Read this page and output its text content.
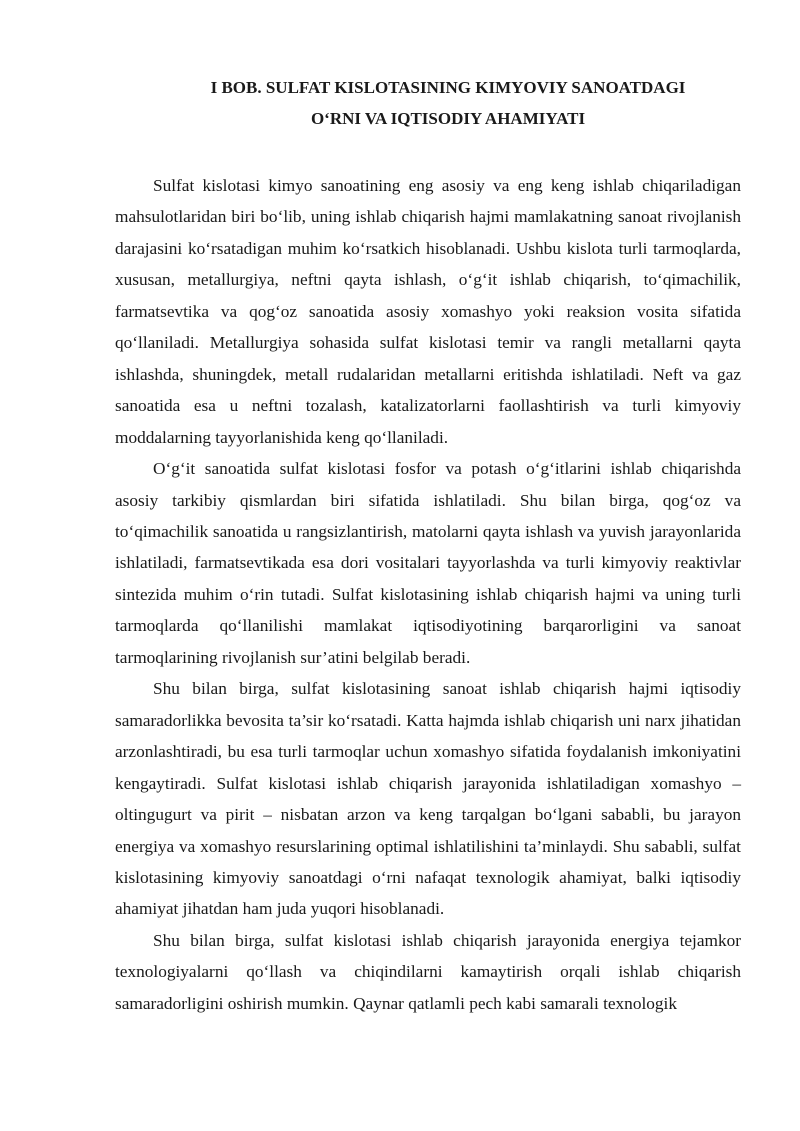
I BOB. SULFAT KISLOTASINING KIMYOVIY SANOATDAGI
O‘RNI VA IQTISODIY AHAMIYATI

Sulfat kislotasi kimyo sanoatining eng asosiy va eng keng ishlab chiqariladigan mahsulotlaridan biri bo‘lib, uning ishlab chiqarish hajmi mamlakatning sanoat rivojlanish darajasini ko‘rsatadigan muhim ko‘rsatkich hisoblanadi. Ushbu kislota turli tarmoqlarda, xususan, metallurgiya, neftni qayta ishlash, o‘g‘it ishlab chiqarish, to‘qimachilik, farmatsevtika va qog‘oz sanoatida asosiy xomashyo yoki reaksion vosita sifatida qo‘llaniladi. Metallurgiya sohasida sulfat kislotasi temir va rangli metallarni qayta ishlashda, shuningdek, metall rudalaridan metallarni eritishda ishlatiladi. Neft va gaz sanoatida esa u neftni tozalash, katalizatorlarni faollashtirish va turli kimyoviy moddalarning tayyorlanishida keng qo‘llaniladi.

O‘g‘it sanoatida sulfat kislotasi fosfor va potash o‘g‘itlarini ishlab chiqarishda asosiy tarkibiy qismlardan biri sifatida ishlatiladi. Shu bilan birga, qog‘oz va to‘qimachilik sanoatida u rangsizlantirish, matolarni qayta ishlash va yuvish jarayonlarida ishlatiladi, farmatsevtikada esa dori vositalari tayyorlashda va turli kimyoviy reaktivlar sintezida muhim o‘rin tutadi. Sulfat kislotasining ishlab chiqarish hajmi va uning turli tarmoqlarda qo‘llanilishi mamlakat iqtisodiyotining barqarorligini va sanoat tarmoqlarining rivojlanish sur’atini belgilab beradi.

Shu bilan birga, sulfat kislotasining sanoat ishlab chiqarish hajmi iqtisodiy samaradorlikka bevosita ta’sir ko‘rsatadi. Katta hajmda ishlab chiqarish uni narx jihatidan arzonlashtiradi, bu esa turli tarmoqlar uchun xomashyo sifatida foydalanish imkoniyatini kengaytiradi. Sulfat kislotasi ishlab chiqarish jarayonida ishlatiladigan xomashyo – oltingugurt va pirit – nisbatan arzon va keng tarqalgan bo‘lgani sababli, bu jarayon energiya va xomashyo resurslarining optimal ishlatilishini ta’minlaydi. Shu sababli, sulfat kislotasining kimyoviy sanoatdagi o‘rni nafaqat texnologik ahamiyat, balki iqtisodiy ahamiyat jihatdan ham juda yuqori hisoblanadi.

Shu bilan birga, sulfat kislotasi ishlab chiqarish jarayonida energiya tejamkor texnologiyalarni qo‘llash va chiqindilarni kamaytirish orqali ishlab chiqarish samaradorligini oshirish mumkin. Qaynar qatlamli pech kabi samarali texnologik
